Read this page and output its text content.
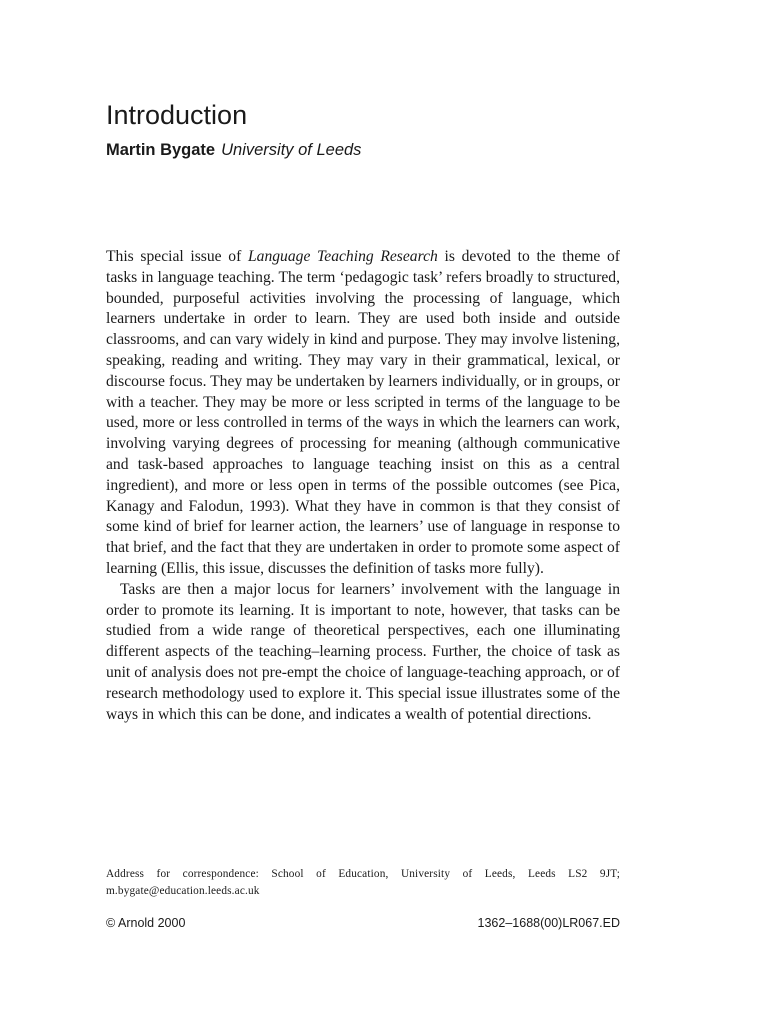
Introduction
Martin Bygate University of Leeds

This special issue of Language Teaching Research is devoted to the theme of tasks in language teaching. The term ‘pedagogic task’ refers broadly to structured, bounded, purposeful activities involving the processing of language, which learners undertake in order to learn. They are used both inside and outside classrooms, and can vary widely in kind and purpose. They may involve listening, speaking, reading and writing. They may vary in their grammatical, lexical, or discourse focus. They may be undertaken by learners individually, or in groups, or with a teacher. They may be more or less scripted in terms of the language to be used, more or less controlled in terms of the ways in which the learners can work, involving varying degrees of processing for meaning (although communicative and task-based approaches to language teaching insist on this as a central ingredient), and more or less open in terms of the possible outcomes (see Pica, Kanagy and Falodun, 1993). What they have in common is that they consist of some kind of brief for learner action, the learners’ use of language in response to that brief, and the fact that they are undertaken in order to promote some aspect of learning (Ellis, this issue, discusses the definition of tasks more fully).

Tasks are then a major locus for learners’ involvement with the language in order to promote its learning. It is important to note, however, that tasks can be studied from a wide range of theoretical perspectives, each one illuminating different aspects of the teaching–learning process. Further, the choice of task as unit of analysis does not pre-empt the choice of language-teaching approach, or of research methodology used to explore it. This special issue illustrates some of the ways in which this can be done, and indicates a wealth of potential directions.

Address for correspondence: School of Education, University of Leeds, Leeds LS2 9JT; m.bygate@education.leeds.ac.uk
© Arnold 2000	1362–1688(00)LR067.ED
